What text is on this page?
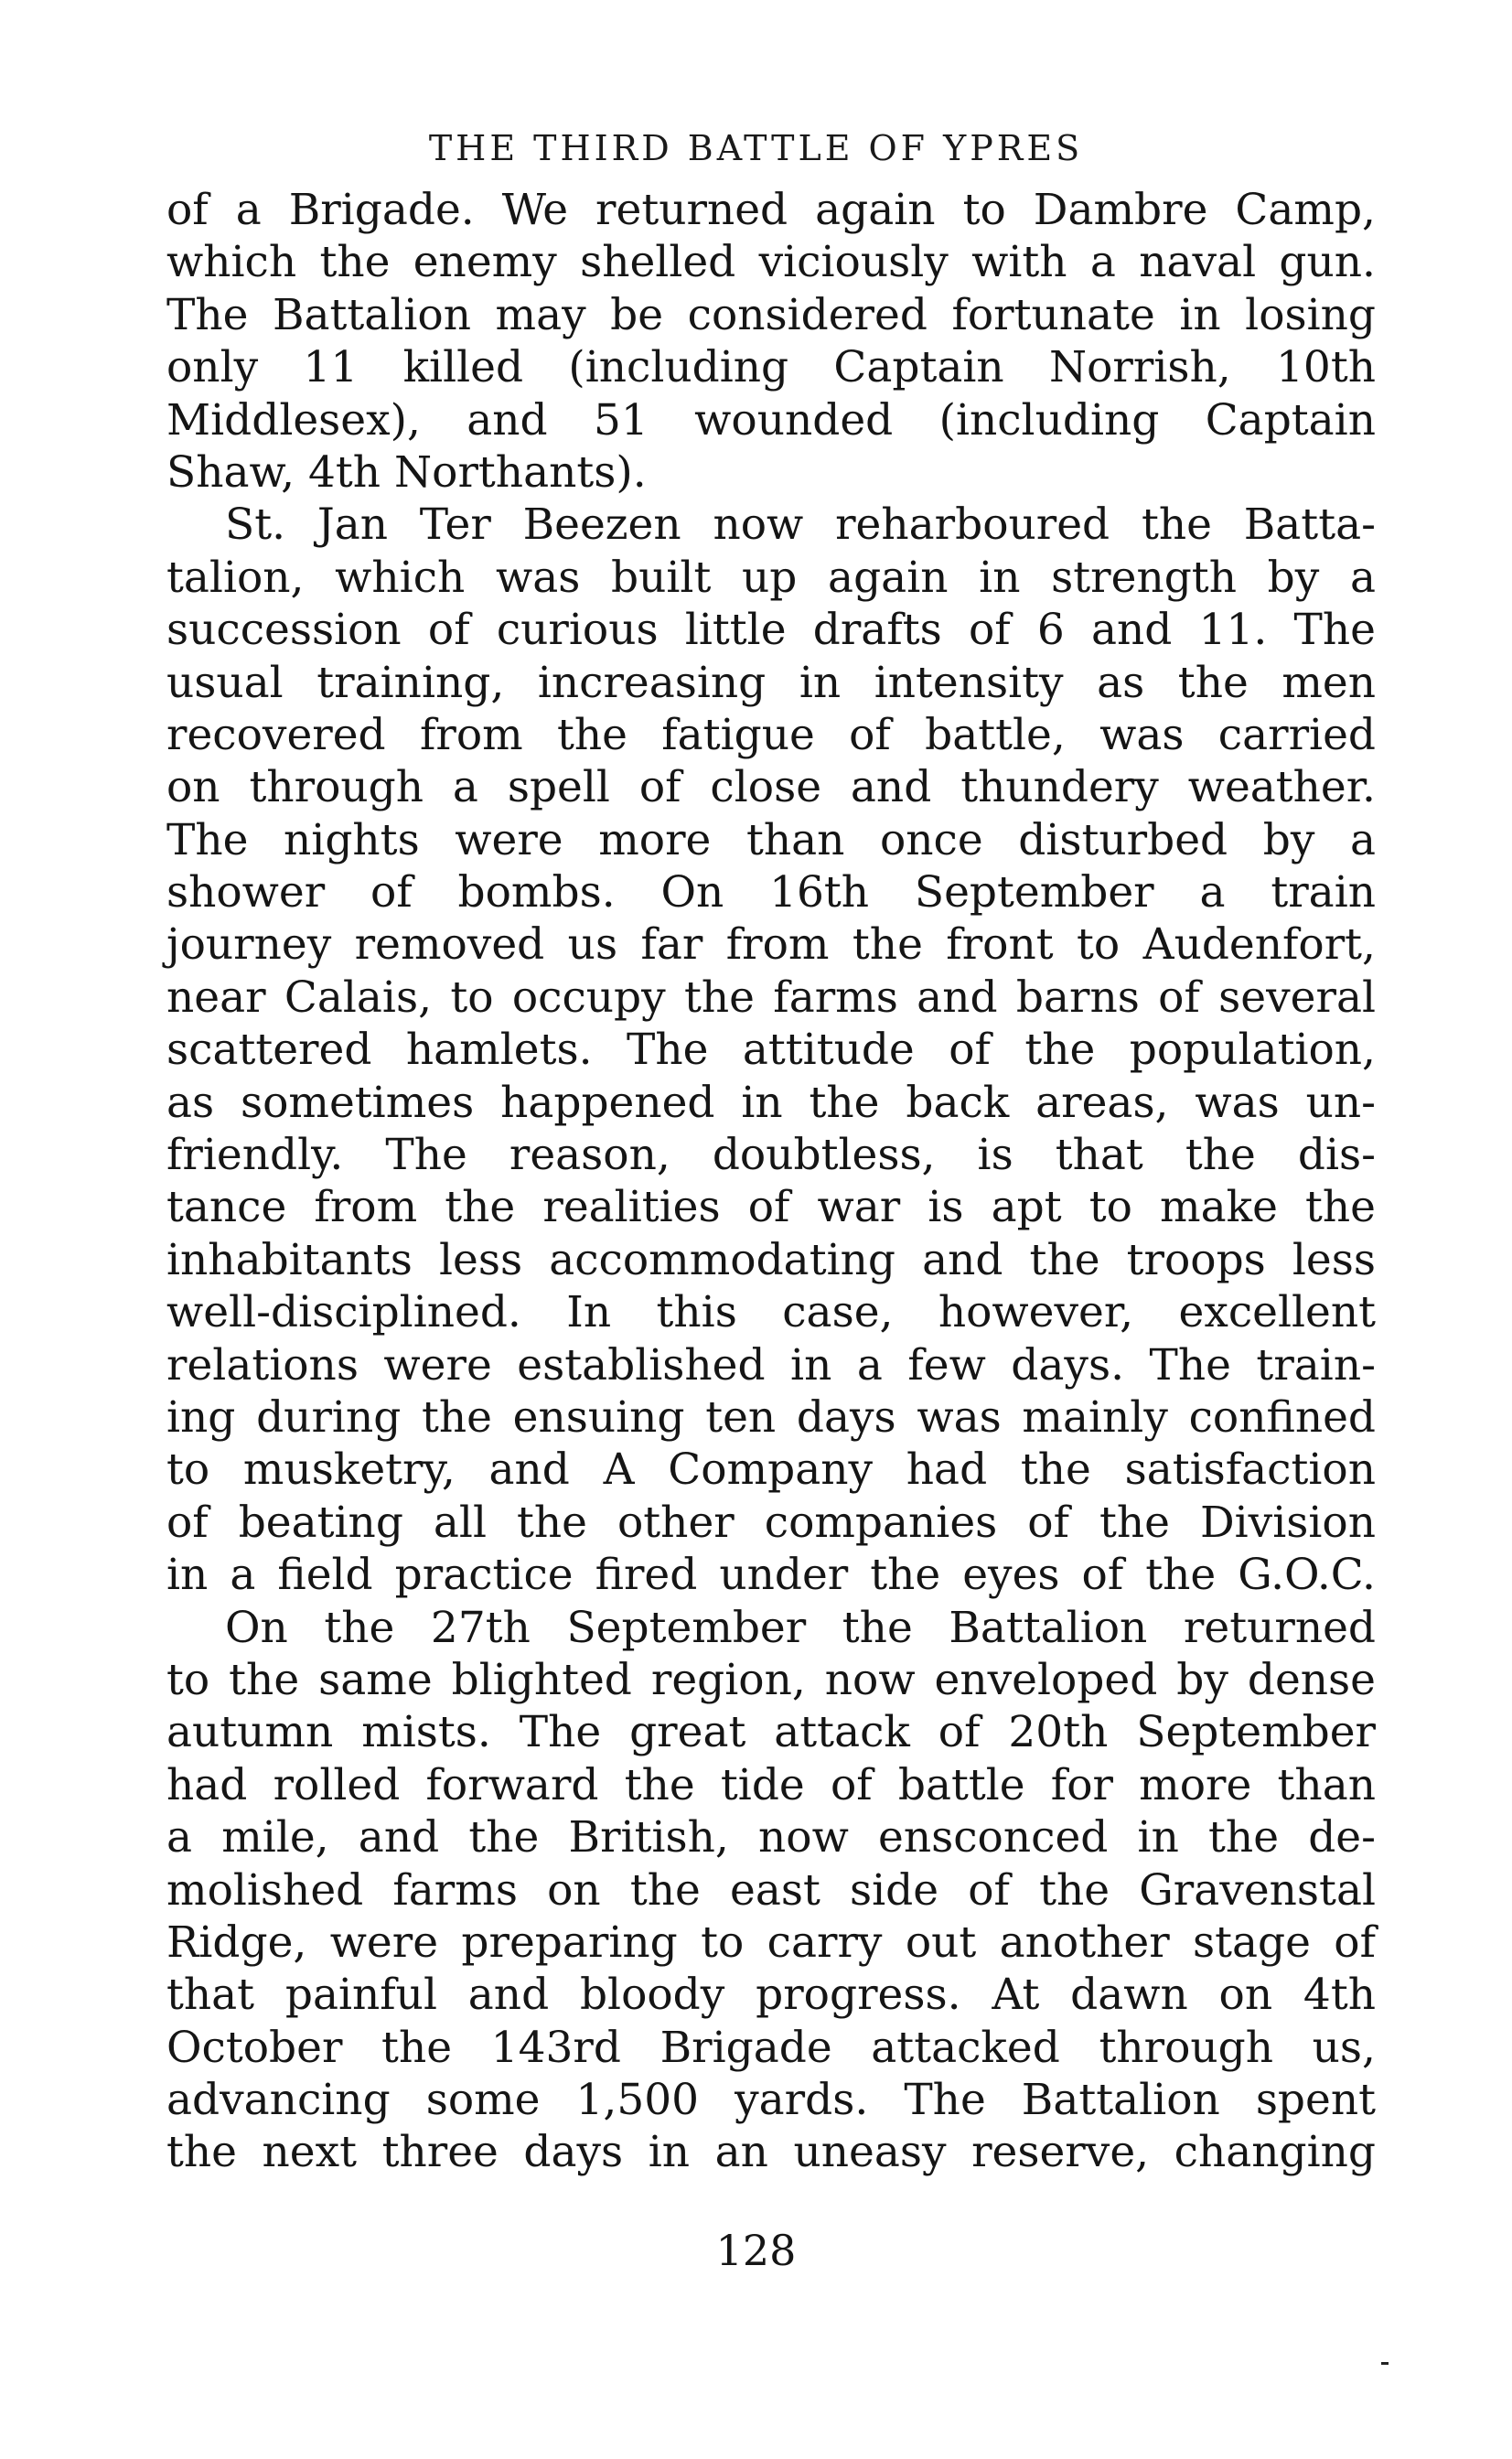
THE THIRD BATTLE OF YPRES
of a Brigade. We returned again to Dambre Camp,
which the enemy shelled viciously with a naval gun.
The Battalion may be considered fortunate in losing
only 11 killed (including Captain Norrish, 10th
Middlesex), and 51 wounded (including Captain
Shaw, 4th Northants).
St. Jan Ter Beezen now reharboured the Batta-
talion, which was built up again in strength by a
succession of curious little drafts of 6 and 11. The
usual training, increasing in intensity as the men
recovered from the fatigue of battle, was carried
on through a spell of close and thundery weather.
The nights were more than once disturbed by a
shower of bombs. On 16th September a train
journey removed us far from the front to Audenfort,
near Calais, to occupy the farms and barns of several
scattered hamlets. The attitude of the population,
as sometimes happened in the back areas, was un-
friendly. The reason, doubtless, is that the dis-
tance from the realities of war is apt to make the
inhabitants less accommodating and the troops less
well-disciplined. In this case, however, excellent
relations were established in a few days. The train-
ing during the ensuing ten days was mainly confined
to musketry, and A Company had the satisfaction
of beating all the other companies of the Division
in a field practice fired under the eyes of the G.O.C.
On the 27th September the Battalion returned
to the same blighted region, now enveloped by dense
autumn mists. The great attack of 20th September
had rolled forward the tide of battle for more than
a mile, and the British, now ensconced in the de-
molished farms on the east side of the Gravenstal
Ridge, were preparing to carry out another stage of
that painful and bloody progress. At dawn on 4th
October the 143rd Brigade attacked through us,
advancing some 1,500 yards. The Battalion spent
the next three days in an uneasy reserve, changing
128
